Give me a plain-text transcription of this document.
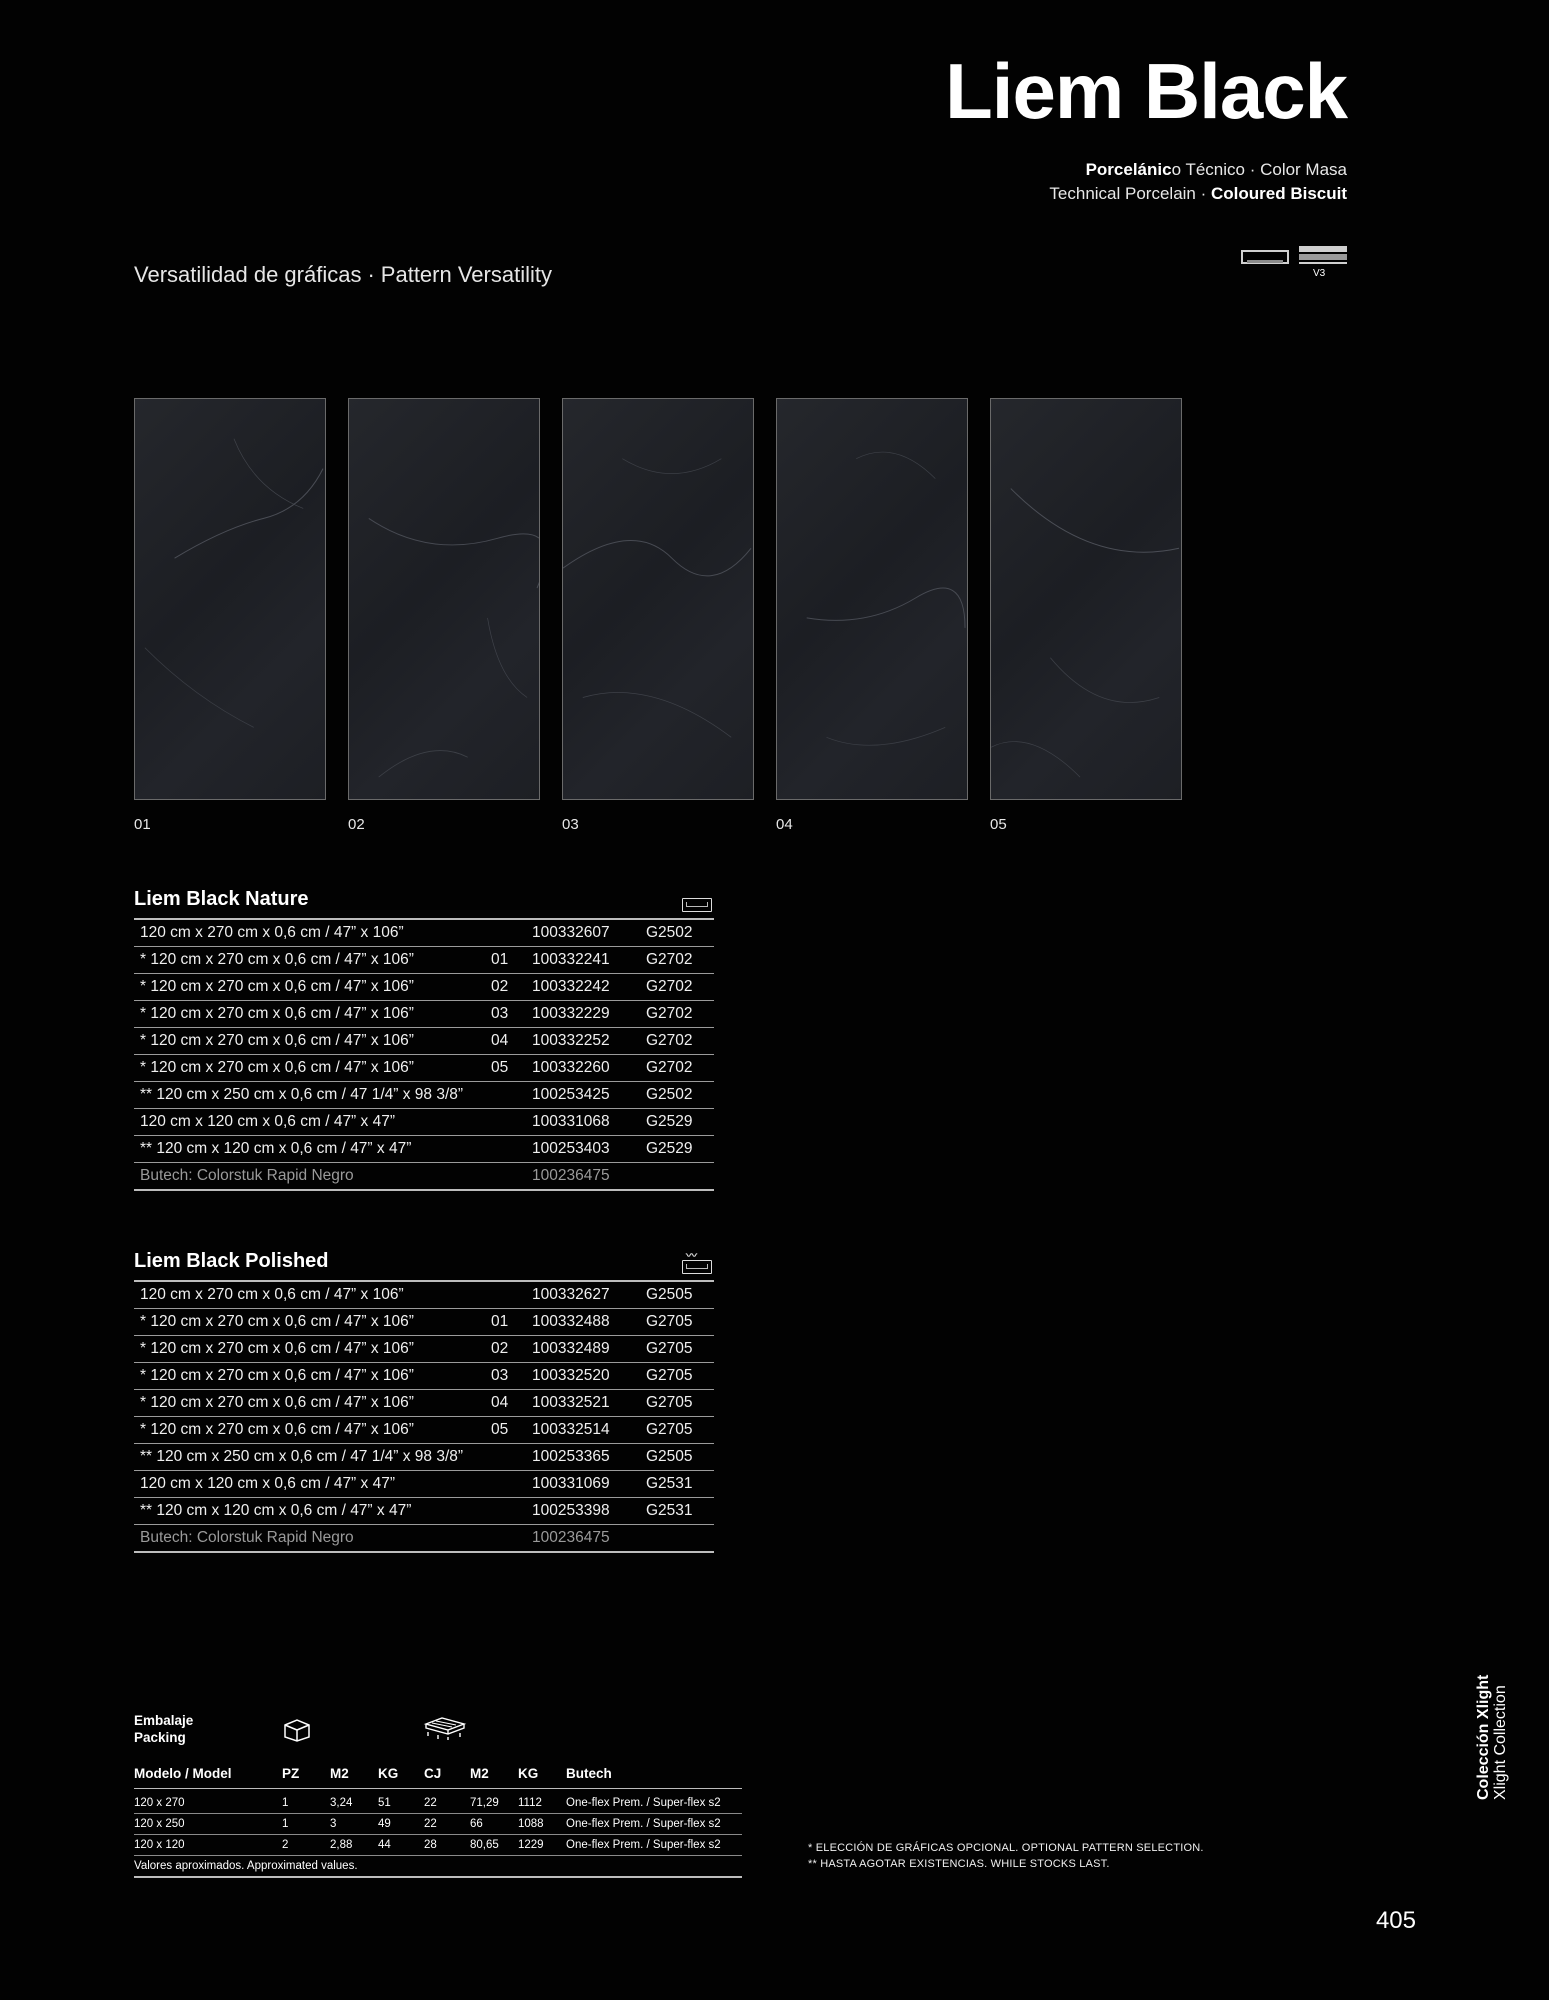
Liem Black
Porcelánico Técnico · Color Masa
Technical Porcelain · Coloured Biscuit
Versatilidad de gráficas · Pattern Versatility	V3
01	02	03	04	05
Liem Black Nature
120 cm x 270 cm x 0,6 cm / 47” x 106”	100332607 G2502
* 120 cm x 270 cm x 0,6 cm / 47” x 106”	01 100332241 G2702
* 120 cm x 270 cm x 0,6 cm / 47” x 106”	02 100332242 G2702
* 120 cm x 270 cm x 0,6 cm / 47” x 106”	03 100332229 G2702
* 120 cm x 270 cm x 0,6 cm / 47” x 106”	04 100332252 G2702
* 120 cm x 270 cm x 0,6 cm / 47” x 106”	05 100332260 G2702
** 120 cm x 250 cm x 0,6 cm / 47 1/4” x 98 3/8”	100253425 G2502
120 cm x 120 cm x 0,6 cm / 47” x 47”	100331068 G2529
** 120 cm x 120 cm x 0,6 cm / 47” x 47”	100253403 G2529
Butech: Colorstuk Rapid Negro	100236475
Liem Black Polished
〰
120 cm x 270 cm x 0,6 cm / 47” x 106”	100332627 G2505
* 120 cm x 270 cm x 0,6 cm / 47” x 106”	01 100332488 G2705
* 120 cm x 270 cm x 0,6 cm / 47” x 106”	02 100332489 G2705
* 120 cm x 270 cm x 0,6 cm / 47” x 106”	03 100332520 G2705
* 120 cm x 270 cm x 0,6 cm / 47” x 106”	04 100332521 G2705
* 120 cm x 270 cm x 0,6 cm / 47” x 106”	05 100332514 G2705
** 120 cm x 250 cm x 0,6 cm / 47 1/4” x 98 3/8”	100253365 G2505
120 cm x 120 cm x 0,6 cm / 47” x 47”	100331069 G2531
** 120 cm x 120 cm x 0,6 cm / 47” x 47”	100253398 G2531
Butech: Colorstuk Rapid Negro	100236475
Embalaje
Packing
Modelo / Model	PZ M2 KG CJ M2 KG Butech
120 x 270	1	3,24 51	22	71,29 1112 One-flex Prem. / Super-flex s2
120 x 250	1	3	49	22	66	1088 One-flex Prem. / Super-flex s2
120 x 120	2	2,88 44	28	80,65 1229 One-flex Prem. / Super-flex s2
Valores aproximados. Approximated values.
* ELECCIÓN DE GRÁFICAS OPCIONAL. OPTIONAL PATTERN SELECTION.
** HASTA AGOTAR EXISTENCIAS. WHILE STOCKS LAST.
Colección Xlight Xlight Collection
405
